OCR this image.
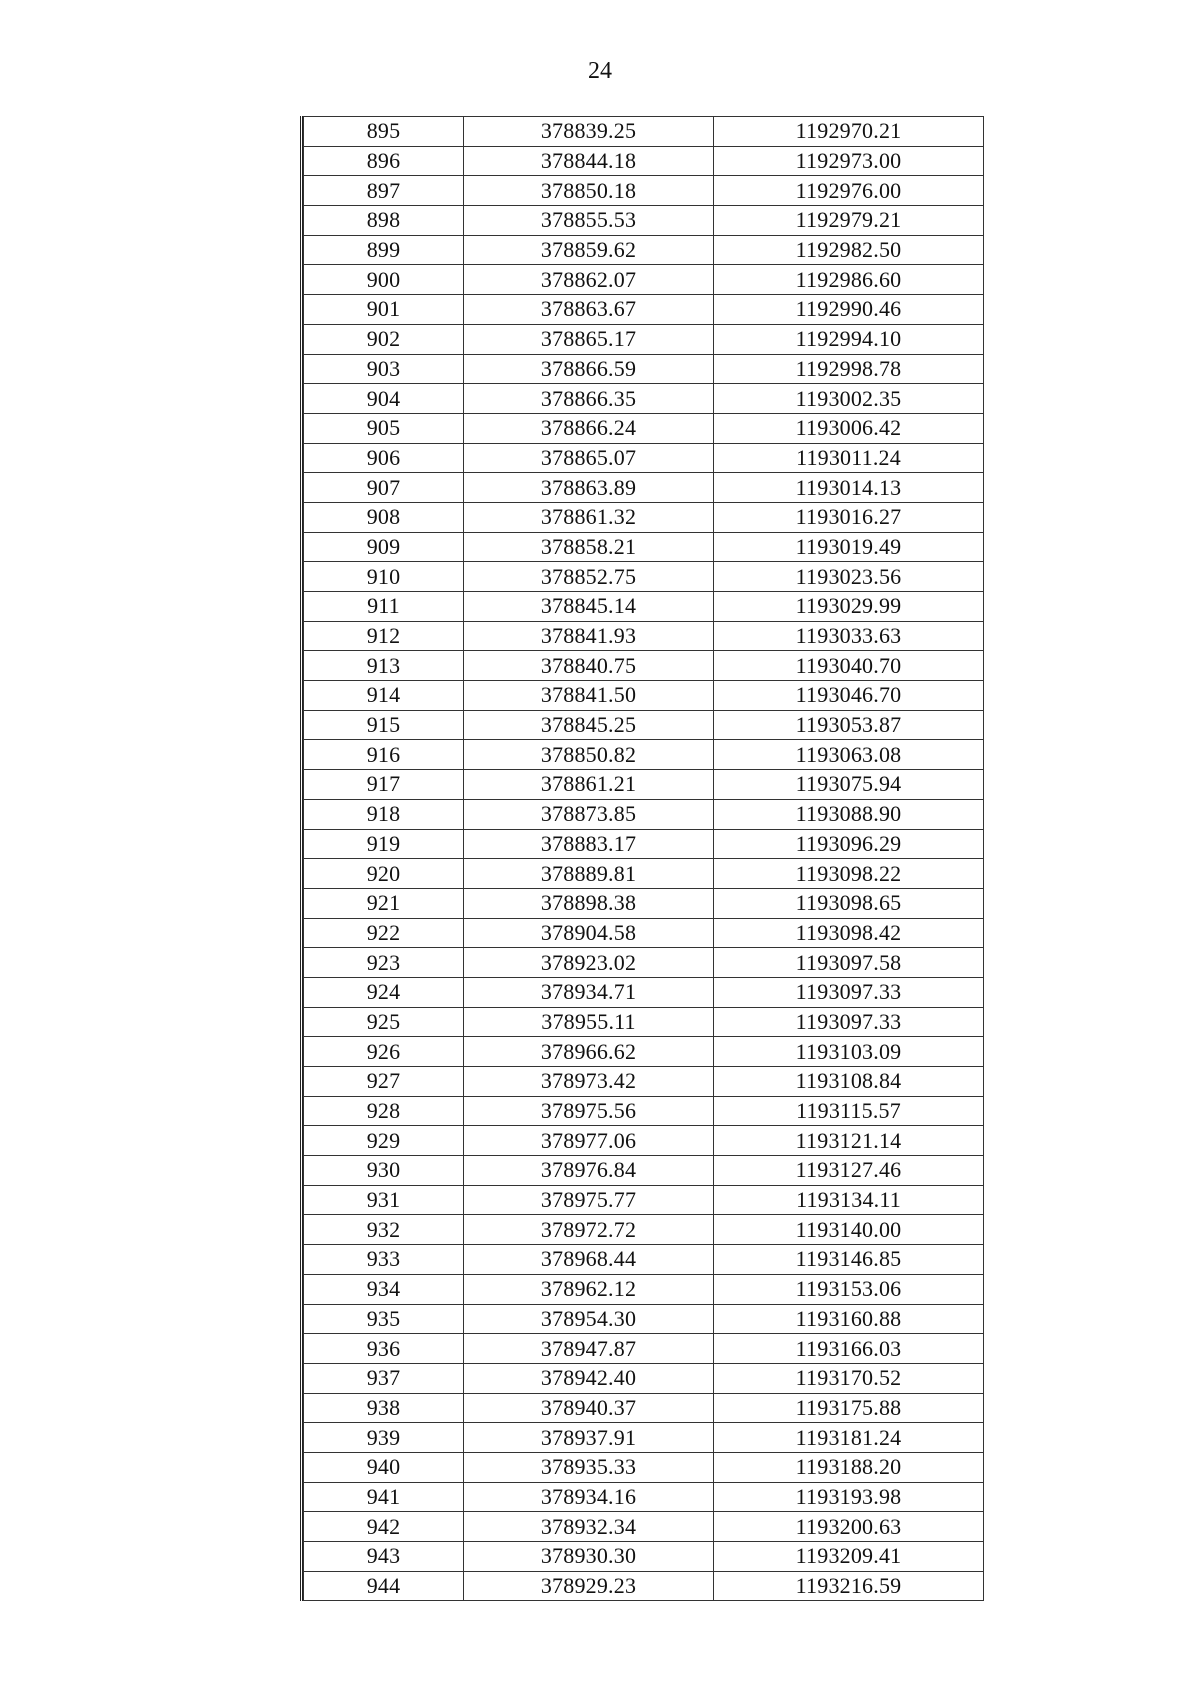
24
895	378839.25	1192970.21
896	378844.18	1192973.00
897	378850.18	1192976.00
898	378855.53	1192979.21
899	378859.62	1192982.50
900	378862.07	1192986.60
901	378863.67	1192990.46
902	378865.17	1192994.10
903	378866.59	1192998.78
904	378866.35	1193002.35
905	378866.24	1193006.42
906	378865.07	1193011.24
907	378863.89	1193014.13
908	378861.32	1193016.27
909	378858.21	1193019.49
910	378852.75	1193023.56
911	378845.14	1193029.99
912	378841.93	1193033.63
913	378840.75	1193040.70
914	378841.50	1193046.70
915	378845.25	1193053.87
916	378850.82	1193063.08
917	378861.21	1193075.94
918	378873.85	1193088.90
919	378883.17	1193096.29
920	378889.81	1193098.22
921	378898.38	1193098.65
922	378904.58	1193098.42
923	378923.02	1193097.58
924	378934.71	1193097.33
925	378955.11	1193097.33
926	378966.62	1193103.09
927	378973.42	1193108.84
928	378975.56	1193115.57
929	378977.06	1193121.14
930	378976.84	1193127.46
931	378975.77	1193134.11
932	378972.72	1193140.00
933	378968.44	1193146.85
934	378962.12	1193153.06
935	378954.30	1193160.88
936	378947.87	1193166.03
937	378942.40	1193170.52
938	378940.37	1193175.88
939	378937.91	1193181.24
940	378935.33	1193188.20
941	378934.16	1193193.98
942	378932.34	1193200.63
943	378930.30	1193209.41
944	378929.23	1193216.59
